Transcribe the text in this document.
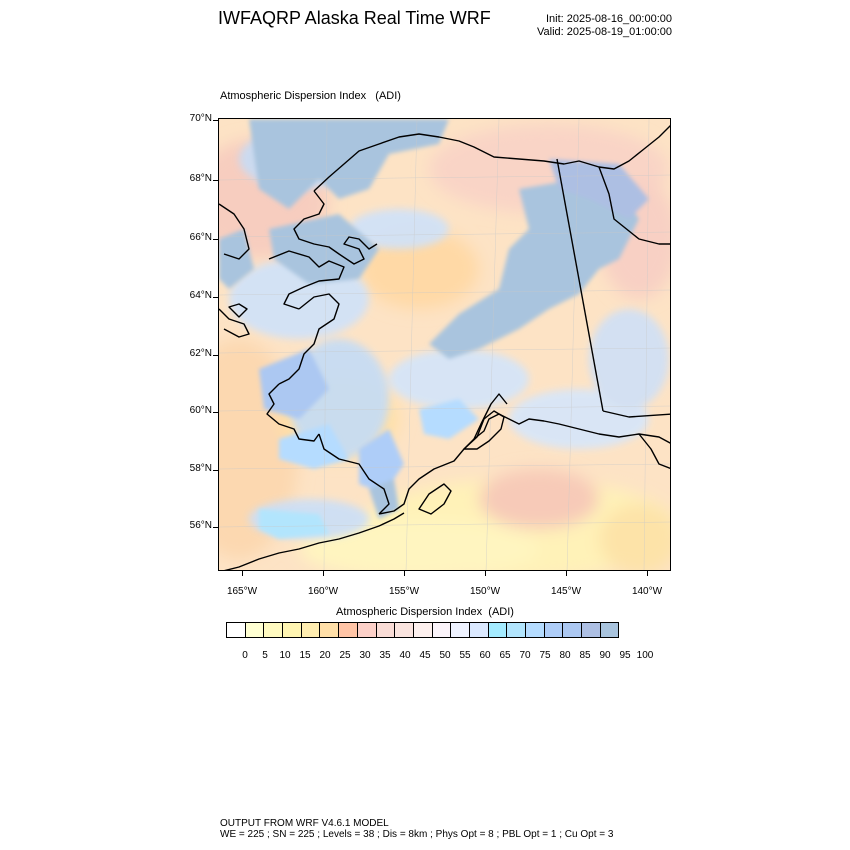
IWFAQRP Alaska Real Time WRF	Init: 2025-08-16_00:00:00
Valid: 2025-08-19_01:00:00
Atmospheric Dispersion Index   (ADI)
70°N
68°N
66°N
64°N
62°N
60°N
58°N
56°N
165°W	160°W	155°W	150°W	145°W	140°W
Atmospheric Dispersion Index  (ADI)
0	5	10 15 20 25 30 35 40 45 50 55 60 65 70 75 80 85 90 95 100
OUTPUT FROM WRF V4.6.1 MODEL
WE = 225 ; SN = 225 ; Levels = 38 ; Dis = 8km ; Phys Opt = 8 ; PBL Opt = 1 ; Cu Opt = 3
